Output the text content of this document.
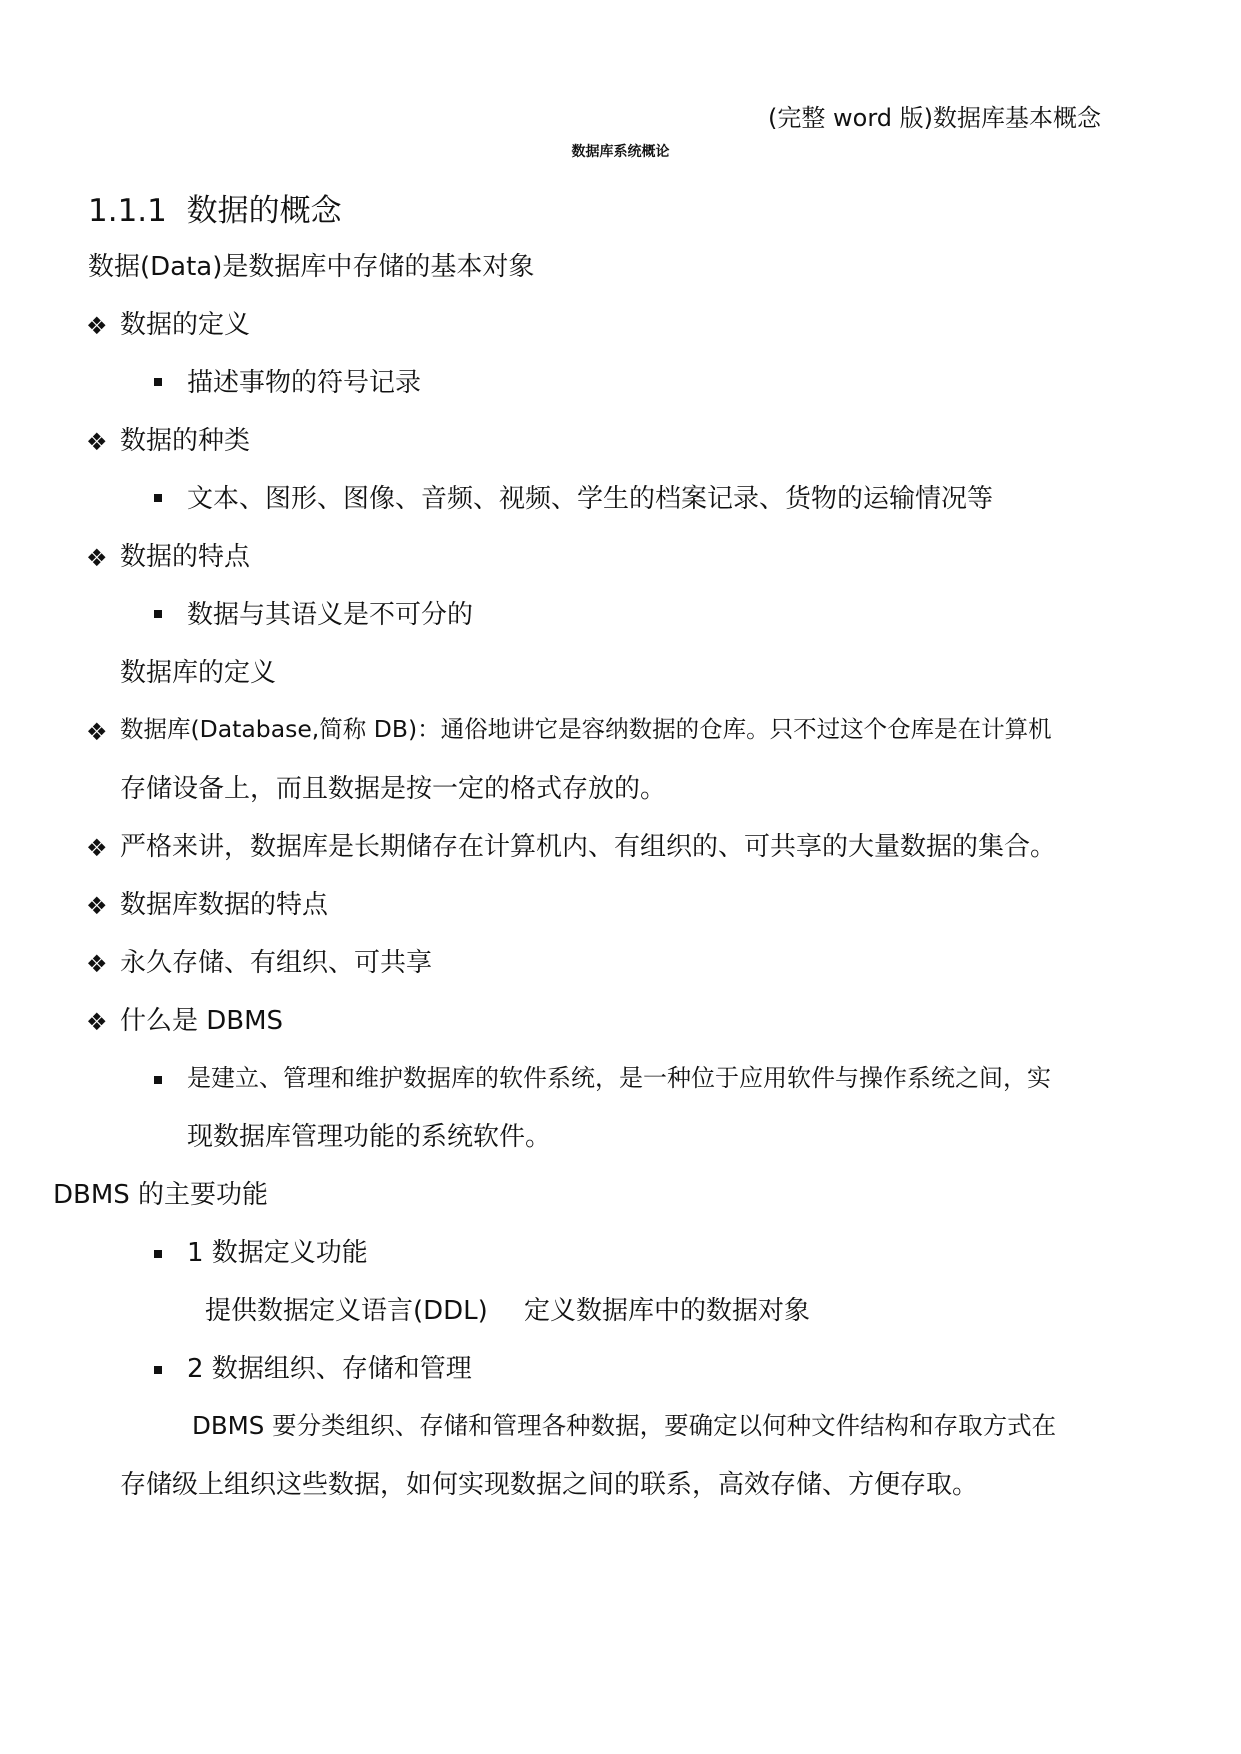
(完整 word 版)数据库基本概念
数据库系统概论
1.1.1 数据的概念
数据(Data)是数据库中存储的基本对象
❖ 数据的定义
描述事物的符号记录
❖ 数据的种类
文本、图形、图像、音频、视频、学生的档案记录、货物的运输情况等
❖ 数据的特点
数据与其语义是不可分的
数据库的定义
❖ 数据库(Database,简称 DB)：通俗地讲它是容纳数据的仓库。只不过这个仓库是在计算机
存储设备上，而且数据是按一定的格式存放的。
❖ 严格来讲，数据库是长期储存在计算机内、有组织的、可共享的大量数据的集合。
❖ 数据库数据的特点
❖ 永久存储、有组织、可共享
❖ 什么是 DBMS
是建立、管理和维护数据库的软件系统，是一种位于应用软件与操作系统之间，实
现数据库管理功能的系统软件。
DBMS 的主要功能
1 数据定义功能
提供数据定义语言(DDL) 定义数据库中的数据对象
2 数据组织、存储和管理
DBMS 要分类组织、存储和管理各种数据，要确定以何种文件结构和存取方式在
存储级上组织这些数据，如何实现数据之间的联系，高效存储、方便存取。
